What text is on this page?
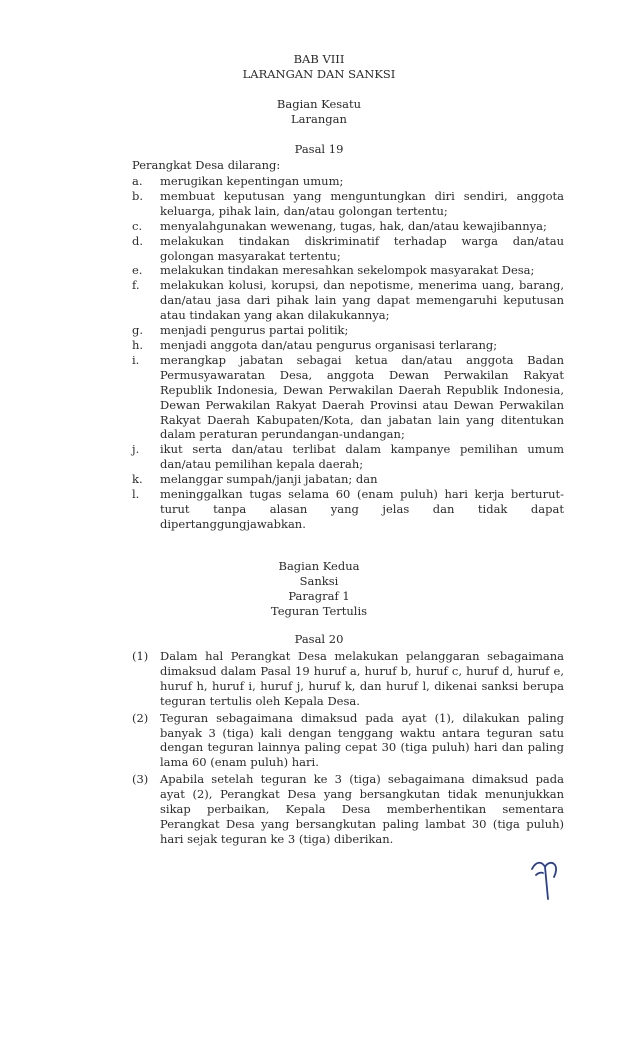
BAB VIII
LARANGAN DAN SANKSI
Bagian Kesatu
Larangan
Pasal 19
Perangkat Desa dilarang:
a. merugikan kepentingan umum;
b. membuat keputusan yang menguntungkan diri sendiri, anggota keluarga, pihak lain, dan/atau golongan tertentu;
c. menyalahgunakan wewenang, tugas, hak, dan/atau kewajibannya;
d. melakukan tindakan diskriminatif terhadap warga dan/atau golongan masyarakat tertentu;
e. melakukan tindakan meresahkan sekelompok masyarakat Desa;
f. melakukan kolusi, korupsi, dan nepotisme, menerima uang, barang, dan/atau jasa dari pihak lain yang dapat memengaruhi keputusan atau tindakan yang akan dilakukannya;
g. menjadi pengurus partai politik;
h. menjadi anggota dan/atau pengurus organisasi terlarang;
i. merangkap jabatan sebagai ketua dan/atau anggota Badan Permusyawaratan Desa, anggota Dewan Perwakilan Rakyat Republik Indonesia, Dewan Perwakilan Daerah Republik Indonesia, Dewan Perwakilan Rakyat Daerah Provinsi atau Dewan Perwakilan Rakyat Daerah Kabupaten/Kota, dan jabatan lain yang ditentukan dalam peraturan perundangan-undangan;
j. ikut serta dan/atau terlibat dalam kampanye pemilihan umum dan/atau pemilihan kepala daerah;
k. melanggar sumpah/janji jabatan; dan
l. meninggalkan tugas selama 60 (enam puluh) hari kerja berturut-turut tanpa alasan yang jelas dan tidak dapat dipertanggungjawabkan.
Bagian Kedua
Sanksi
Paragraf 1
Teguran Tertulis
Pasal 20
(1) Dalam hal Perangkat Desa melakukan pelanggaran sebagaimana dimaksud dalam Pasal 19 huruf a, huruf b, huruf c, huruf d, huruf e, huruf h, huruf i, huruf j, huruf k, dan huruf l, dikenai sanksi berupa teguran tertulis oleh Kepala Desa.
(2) Teguran sebagaimana dimaksud pada ayat (1), dilakukan paling banyak 3 (tiga) kali dengan tenggang waktu antara teguran satu dengan teguran lainnya paling cepat 30 (tiga puluh) hari dan paling lama 60 (enam puluh) hari.
(3) Apabila setelah teguran ke 3 (tiga) sebagaimana dimaksud pada ayat (2), Perangkat Desa yang bersangkutan tidak menunjukkan sikap perbaikan, Kepala Desa memberhentikan sementara Perangkat Desa yang bersangkutan paling lambat 30 (tiga puluh) hari sejak teguran ke 3 (tiga) diberikan.
